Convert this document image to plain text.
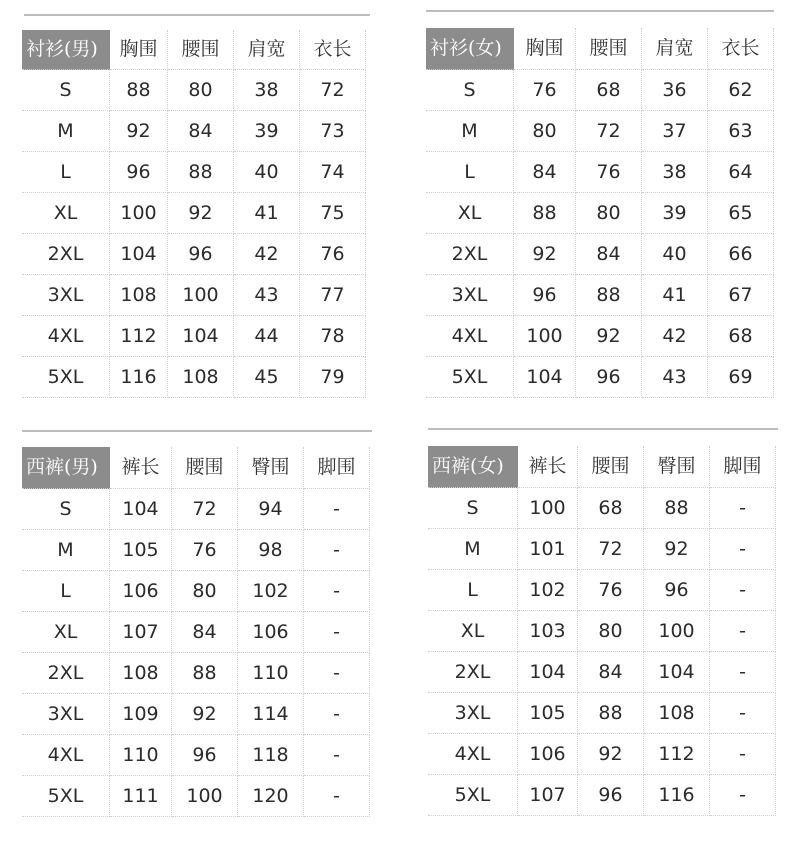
衬衫(男)	胸围	腰围	肩宽	衣长
S	88	80	38	72
M	92	84	39	73
L	96	88	40	74
XL	100	92	41	75
2XL	104	96	42	76
3XL	108	100	43	77
4XL	112	104	44	78
5XL	116	108	45	79
衬衫(女)	胸围	腰围	肩宽	衣长
S	76	68	36	62
M	80	72	37	63
L	84	76	38	64
XL	88	80	39	65
2XL	92	84	40	66
3XL	96	88	41	67
4XL	100	92	42	68
5XL	104	96	43	69
西裤(男)	裤长	腰围	臀围	脚围
S	104	72	94	-
M	105	76	98	-
L	106	80	102	-
XL	107	84	106	-
2XL	108	88	110	-
3XL	109	92	114	-
4XL	110	96	118	-
5XL	111	100	120	-
西裤(女)	裤长	腰围	臀围	脚围
S	100	68	88	-
M	101	72	92	-
L	102	76	96	-
XL	103	80	100	-
2XL	104	84	104	-
3XL	105	88	108	-
4XL	106	92	112	-
5XL	107	96	116	-
